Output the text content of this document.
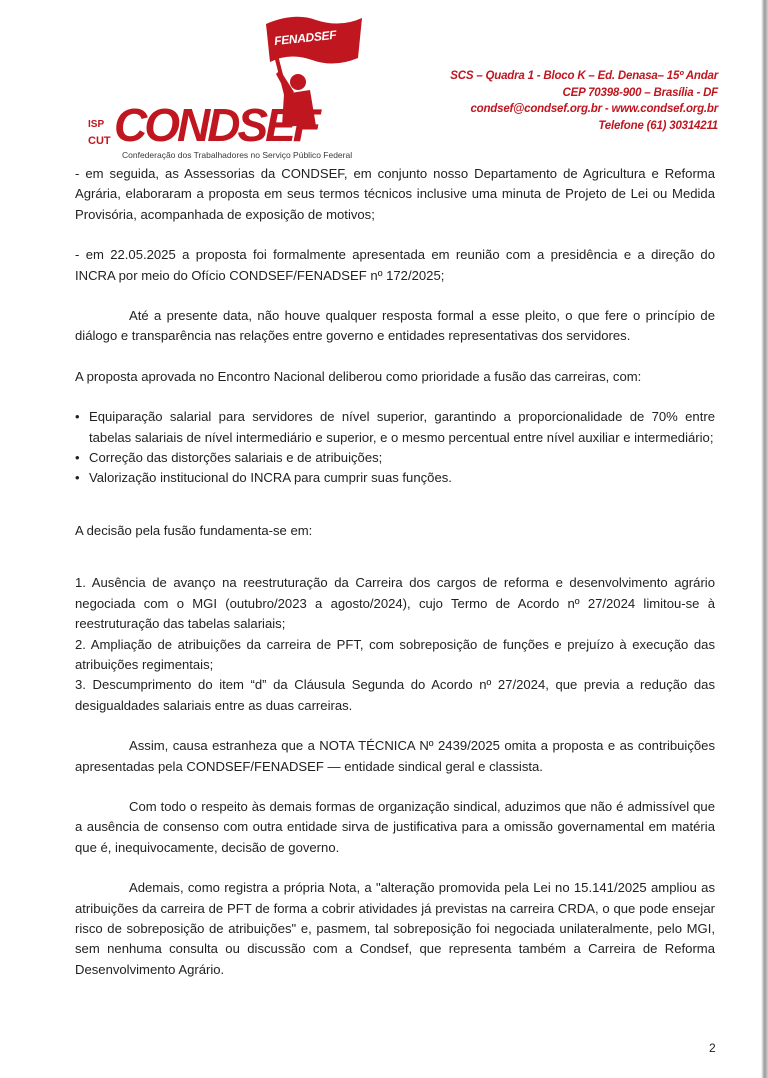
FENADSEF
ISP
CUT CONDSEF
Confederação dos Trabalhadores no Serviço Público Federal
SCS – Quadra 1 - Bloco K – Ed. Denasa– 15º Andar
CEP 70398-900 – Brasília - DF
condsef@condsef.org.br - www.condsef.org.br
Telefone (61) 30314211

- em seguida, as Assessorias da CONDSEF, em conjunto nosso Departamento de Agricultura e Reforma Agrária, elaboraram a proposta em seus termos técnicos inclusive uma minuta de Projeto de Lei ou Medida Provisória, acompanhada de exposição de motivos;

- em 22.05.2025 a proposta foi formalmente apresentada em reunião com a presidência e a direção do INCRA por meio do Ofício CONDSEF/FENADSEF nº 172/2025;

Até a presente data, não houve qualquer resposta formal a esse pleito, o que fere o princípio de diálogo e transparência nas relações entre governo e entidades representativas dos servidores.

A proposta aprovada no Encontro Nacional deliberou como prioridade a fusão das carreiras, com:

• Equiparação salarial para servidores de nível superior, garantindo a proporcionalidade de 70% entre tabelas salariais de nível intermediário e superior, e o mesmo percentual entre nível auxiliar e intermediário;
• Correção das distorções salariais e de atribuições;
• Valorização institucional do INCRA para cumprir suas funções.

A decisão pela fusão fundamenta-se em:

1. Ausência de avanço na reestruturação da Carreira dos cargos de reforma e desenvolvimento agrário negociada com o MGI (outubro/2023 a agosto/2024), cujo Termo de Acordo nº 27/2024 limitou-se à reestruturação das tabelas salariais;

2. Ampliação de atribuições da carreira de PFT, com sobreposição de funções e prejuízo à execução das atribuições regimentais;

3. Descumprimento do item “d” da Cláusula Segunda do Acordo nº 27/2024, que previa a redução das desigualdades salariais entre as duas carreiras.

Assim, causa estranheza que a NOTA TÉCNICA Nº 2439/2025 omita a proposta e as contribuições apresentadas pela CONDSEF/FENADSEF — entidade sindical geral e classista.

Com todo o respeito às demais formas de organização sindical, aduzimos que não é admissível que a ausência de consenso com outra entidade sirva de justificativa para a omissão governamental em matéria que é, inequivocamente, decisão de governo.

Ademais, como registra a própria Nota, a "alteração promovida pela Lei no 15.141/2025 ampliou as atribuições da carreira de PFT de forma a cobrir atividades já previstas na carreira CRDA, o que pode ensejar risco de sobreposição de atribuições" e, pasmem, tal sobreposição foi negociada unilateralmente, pelo MGI, sem nenhuma consulta ou discussão com a Condsef, que representa também a Carreira de Reforma Desenvolvimento Agrário.

2
